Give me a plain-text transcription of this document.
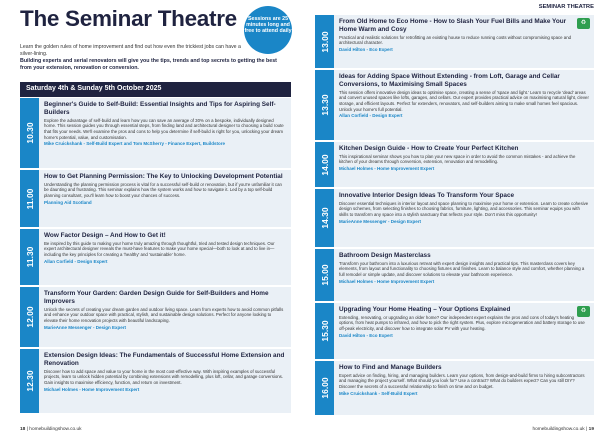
The Seminar Theatre	Sessions are 25 minutes long and free to attend daily
Learn the golden rules of home improvement and find out how even the trickiest jobs can have a silver-lining.
Building experts and serial renovators will give you the tips, trends and top secrets to getting the best from your extension, renovation or conversion.
Saturday 4th & Sunday 5th October 2025
10.30
Beginner's Guide to Self-Build: Essential Insights and Tips for Aspiring Self-Builders
Explore the advantage of self-build and learn how you can save an average of 30% on a bespoke, individually designed home. This session guides you through essential steps, from finding land and architectural designer to choosing a build route that fits your needs. We'll examine the pros and cons to help you determine if self-build is right for you, unlocking your dream home's potential, value, and customisation.
Mike Cruickshank - Self-Build Expert and Tom McSherry - Finance Expert, Buildstore
11.00
How to Get Planning Permission: The Key to Unlocking Development Potential
Understanding the planning permission process is vital for a successful self-build or renovation, but if you're unfamiliar it can be daunting and frustrating. This seminar explains how the system works and how to navigate it. Led by a top self-build planning consultant, you'll learn how to boost your chances of success.
Planning Aid Scotland
11.30
Wow Factor Design – And How to Get it!
Be inspired by this guide to making your home truly amazing through thoughtful, tried and tested design techniques. Our expert architectural designer reveals the must-have features to make your home special—both to look at and to live in—including the key principles for creating a 'healthy' and 'sustainable' home.
Allan Corfield - Design Expert
12.00
Transform Your Garden: Garden Design Guide for Self-Builders and Home Improvers
Unlock the secrets of creating your dream garden and outdoor living space. Learn from experts how to avoid common pitfalls and enhance your outdoor space with practical, stylish, and sustainable design solutions. Perfect for anyone looking to elevate their home renovation projects with beautiful landscaping.
MarieAnne Messenger - Design Expert
12.30
Extension Design Ideas: The Fundamentals of Successful Home Extension and Renovation
Discover how to add space and value to your home in the most cost-effective way. With inspiring examples of successful projects, learn to unlock hidden potential by combining extensions with remodelling, plus loft, cellar, and garage conversions. Gain insights to maximise efficiency, function, and return on investment.
Michael Holmes - Home Improvement Expert
18 | homebuildingshow.co.uk
SEMINAR THEATRE
13.00
♻
From Old Home to Eco Home - How to Slash Your Fuel Bills and Make Your Home Warm and Cosy
Practical and realistic solutions for retrofitting an existing house to reduce running costs without compromising space and architectural character.
David Hilton - Eco Expert
13.30
Ideas for Adding Space Without Extending - from Loft, Garage and Cellar Conversions, to Maximising Small Spaces
This session offers innovative design ideas to optimise space, creating a sense of 'space and light.' Learn to recycle 'dead' areas and convert unused spaces like lofts, garages, and cellars. Our expert provides practical advice on maximising natural light, clever storage, and efficient layouts. Perfect for extenders, renovators, and self-builders aiming to make small homes feel spacious. Unlock your home's full potential.
Allan Corfield - Design Expert
14.00
Kitchen Design Guide - How to Create Your Perfect Kitchen
This inspirational seminar shows you how to plan your new space in order to avoid the common mistakes - and achieve the kitchen of your dreams through conversion, extension, renovation and remodelling.
Michael Holmes - Home Improvement Expert
14.30
Innovative Interior Design Ideas To Transform Your Space
Discover essential techniques in interior layout and space planning to maximise your home or extension. Learn to create cohesive design schemes, from selecting finishes to choosing fabrics, furniture, lighting, and accessories. This seminar equips you with skills to transform any space into a stylish sanctuary that reflects your style. Don't miss this opportunity!
MarieAnne Messenger - Design Expert
15.00
Bathroom Design Masterclass
Transform your bathroom into a luxurious retreat with expert design insights and practical tips. This masterclass covers key elements, from layout and functionality to choosing fixtures and finishes. Learn to balance style and comfort, whether planning a full remodel or simple update, and discover solutions to elevate your bathroom experience.
Michael Holmes - Home Improvement Expert
15.30
♻
Upgrading Your Home Heating – Your Options Explained
Extending, renovating, or upgrading an older home? Our independent expert explains the pros and cons of today's heating options, from heat pumps to infrared, and how to pick the right system. Plus, explore microgeneration and battery storage to use off-peak electricity, and discover how to integrate solar PV with your heating.
David Hilton - Eco Expert
16.00
How to Find and Manage Builders
Expert advice on finding, hiring, and managing builders. Learn your options, from design-and-build firms to hiring subcontractors and managing the project yourself. What should you look for? Use a contract? What do builders expect? Can you still DIY? Discover the secrets of a successful relationship to finish on time and on budget.
Mike Cruickshank - Self-Build Expert
homebuildingshow.co.uk | 19
